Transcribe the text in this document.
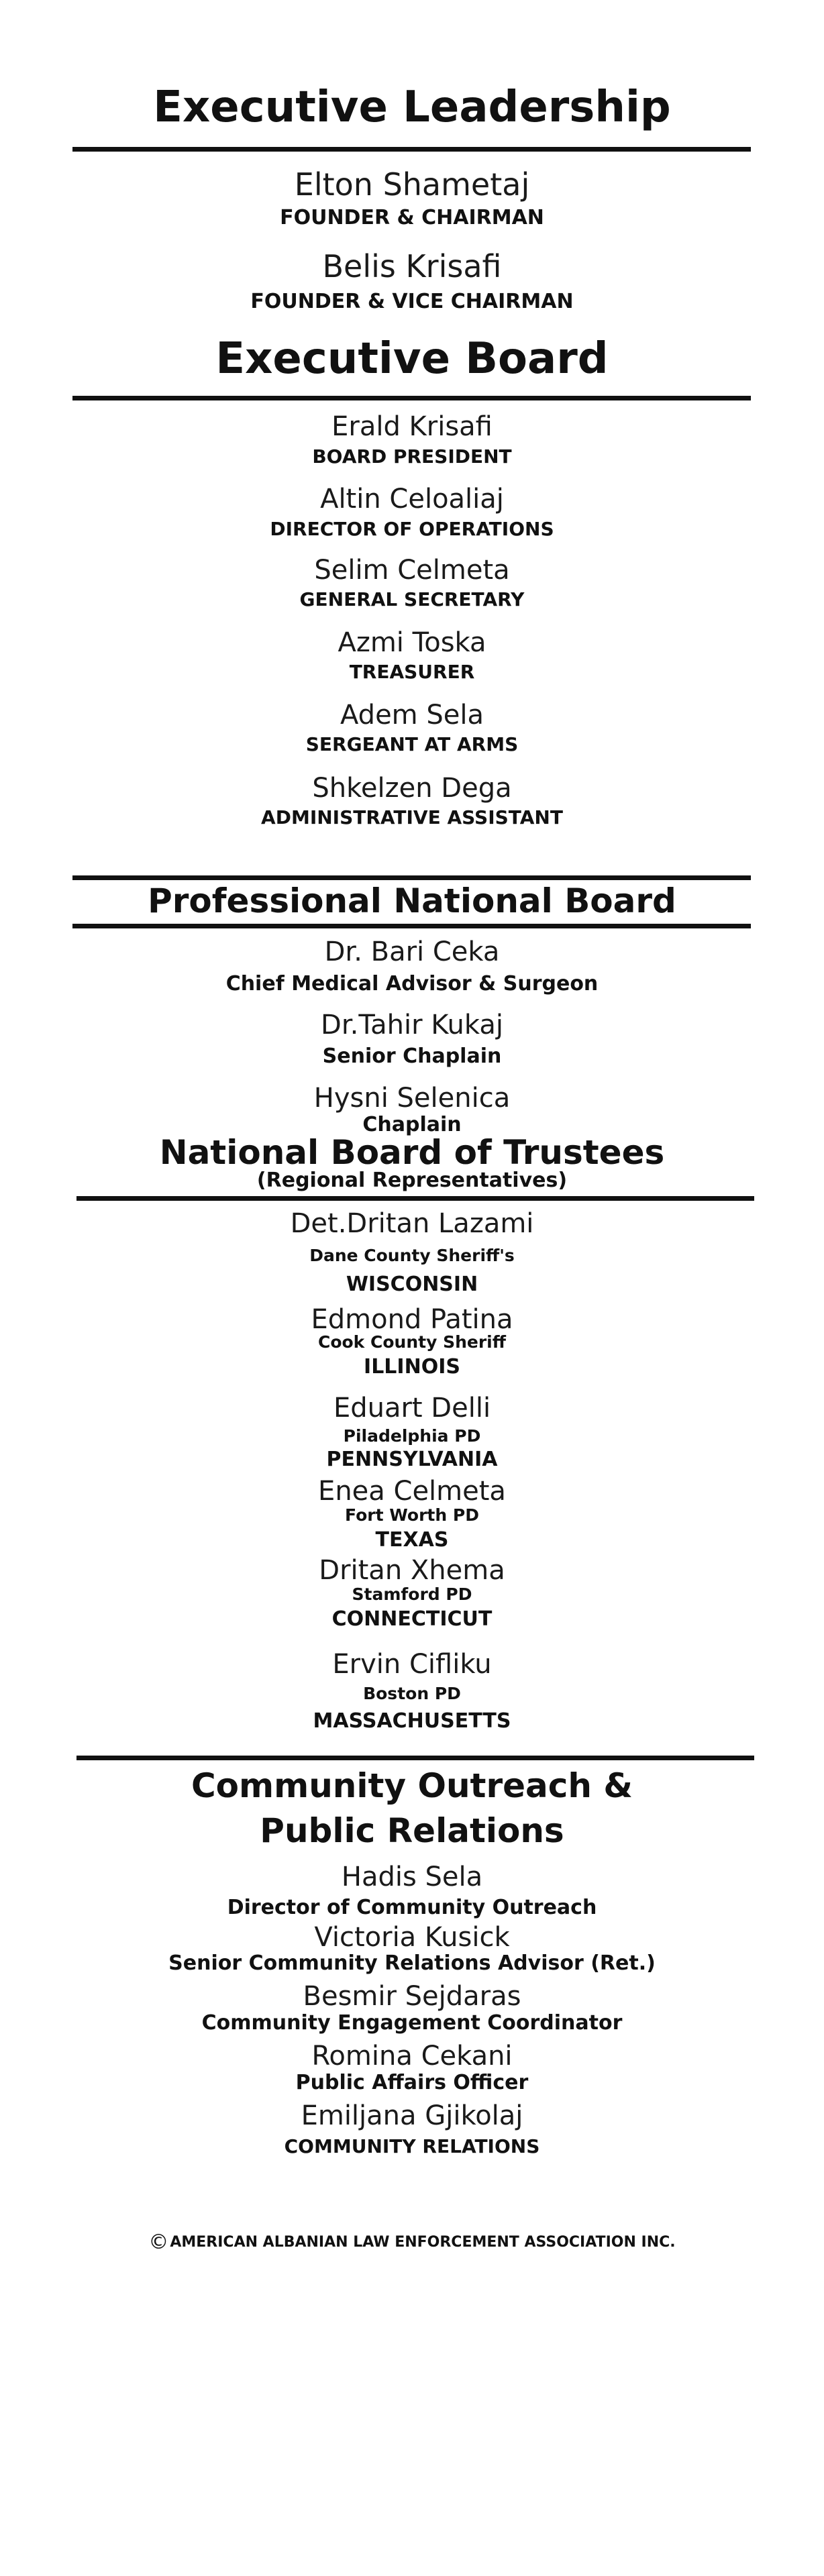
Executive Leadership
Elton Shametaj
FOUNDER & CHAIRMAN
Belis Krisafi
FOUNDER & VICE CHAIRMAN
Executive Board
Erald Krisafi
BOARD PRESIDENT
Altin Celoaliaj
DIRECTOR OF OPERATIONS
Selim Celmeta
GENERAL SECRETARY
Azmi Toska
TREASURER
Adem Sela
SERGEANT AT ARMS
Shkelzen Dega
ADMINISTRATIVE ASSISTANT
Professional National Board
Dr. Bari Ceka
Chief Medical Advisor & Surgeon
Dr.Tahir Kukaj
Senior Chaplain
Hysni Selenica
Chaplain
National Board of Trustees
(Regional Representatives)
Det.Dritan Lazami
Dane County Sheriff's
WISCONSIN
Edmond Patina
Cook County Sheriff
ILLINOIS
Eduart Delli
Piladelphia PD
PENNSYLVANIA
Enea Celmeta
Fort Worth PD
TEXAS
Dritan Xhema
Stamford PD
CONNECTICUT
Ervin Cifliku
Boston PD
MASSACHUSETTS
Community Outreach &
Public Relations
Hadis Sela
Director of Community Outreach
Victoria Kusick
Senior Community Relations Advisor (Ret.)
Besmir Sejdaras
Community Engagement Coordinator
Romina Cekani
Public Affairs Officer
Emiljana Gjikolaj
COMMUNITY RELATIONS
©AMERICAN ALBANIAN LAW ENFORCEMENT ASSOCIATION INC.
